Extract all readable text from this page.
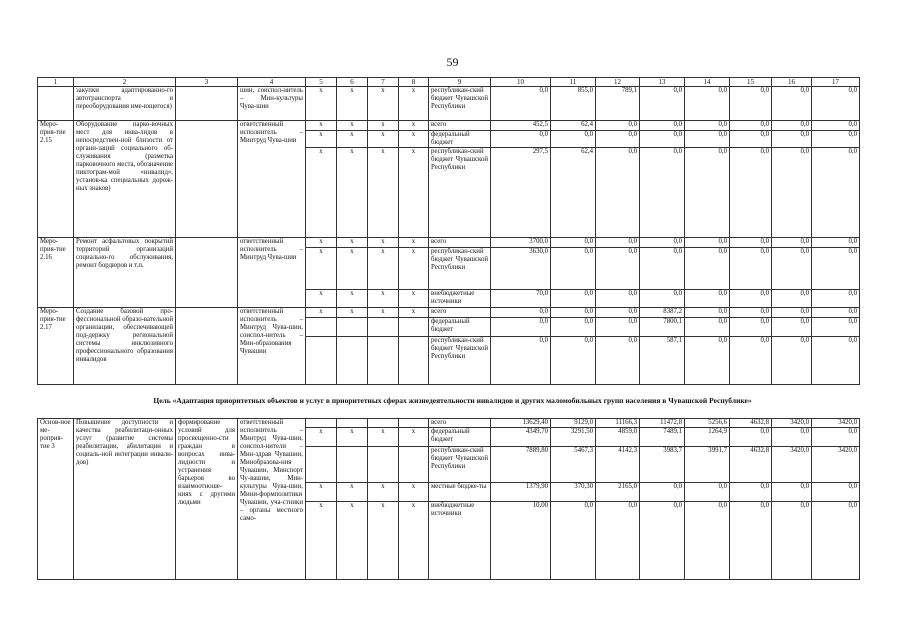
59
1	2	3	4	5	6	7	8	9	10	11	12	13	14	15	16	17
	закупки адаптированно-го автотранспорта и переоборудования име-ющегося)		шии, соиспол-нитель – Мин-культуры Чува-шии	x	x	x	x	республикан-ский бюджет Чувашской Республики	0,0	855,0	789,1	0,0	0,0	0,0	0,0	0,0
Меро-прия-тие 2.15	Оборудование парко-вочных мест для инва-лидов в непосредствен-ной близости от органи-заций социального об-служивания (разметка парковочного места, обозначение пиктограм-мой «инвалид», установ-ка специальных дорож-ных знаков)		ответственный исполнитель – Минтруд Чува-шии	x	x	x	x	всего	452,5	62,4	0,0	0,0	0,0	0,0	0,0	0,0
				x	x	x	x	федеральный бюджет	0,0	0,0	0,0	0,0	0,0	0,0	0,0	0,0
				x	x	x	x	республикан-ский бюджет Чувашской Республики	297,5	62,4	0,0	0,0	0,0	0,0	0,0	0,0
Меро-прия-тие 2.16	Ремонт асфальтовых покрытий территорий организаций социально-го обслуживания, ремонт бордюров и т.п.		ответственный исполнитель – Минтруд Чува-шии	x	x	x	x	всего	3700,0	0,0	0,0	0,0	0,0	0,0	0,0	0,0
				x	x	x	x	республикан-ский бюджет Чувашской Республики	3630,0	0,0	0,0	0,0	0,0	0,0	0,0	0,0
				x	x	x	x	внебюджетные источники	70,0	0,0	0,0	0,0	0,0	0,0	0,0	0,0
Меро-прия-тие 2.17	Создание базовой про-фессиональной образо-вательной организации, обеспечивающей под-держку региональной системы инклюзивного профессионального образования инвалидов		ответственный исполнитель – Минтруд Чува-шии, соиспол-нитель – Мин-образования Чувашии	x	x	x	x	всего	0,0	0,0	0,0	8387,2	0,0	0,0	0,0	0,0
								федеральный бюджет	0,0	0,0	0,0	7800,1	0,0	0,0	0,0	0,0
								республикан-ский бюджет Чувашской Республики	0,0	0,0	0,0	587,1	0,0	0,0	0,0	0,0
Цель «Адаптация приоритетных объектов и услуг в приоритетных сферах жизнедеятельности инвалидов и других маломобильных групп населения в Чувашской Республике»
Основ-ное ме-роприя-тие 3	Повышение доступности и качества реабилитаци-онных услуг (развитие системы реабилитации, абилитации и социаль-ной интеграции инвали-дов)	формирование условий для просвещенно-сти граждан в вопросах инва-лидности и устранения барьеров во взаимоотноше-ниях с другими людьми	ответственный исполнитель – Минтруд Чува-шии, соиспол-нители – Мин-здрав Чувашии, Минобразова-ния Чувашии, Минспорт Чу-вашии, Мин-культуры Чува-шии, Мини-формполитики Чувашии, уча-стники – органы местного само-					всего	13629,40	9129,0	11166,3	11472,8	5256,6	4632,8	3420,0	3420,0
				x	x	x	x	федеральный бюджет	4349,70	3291,50	4859,0	7489,1	1264,9	0,0	0,0	0,0
								республикан-ский бюджет Чувашской Республики	7889,80	5467,3	4142,3	3983,7	3991,7	4632,8	3420,0	3420,0
				x	x	x	x	местные бюдже-ты	1379,90	370,30	2165,0	0,0	0,0	0,0	0,0	0,0
				x	x	x	x	внебюджетные источники	10,00	0,0	0,0	0,0	0,0	0,0	0,0	0,0
